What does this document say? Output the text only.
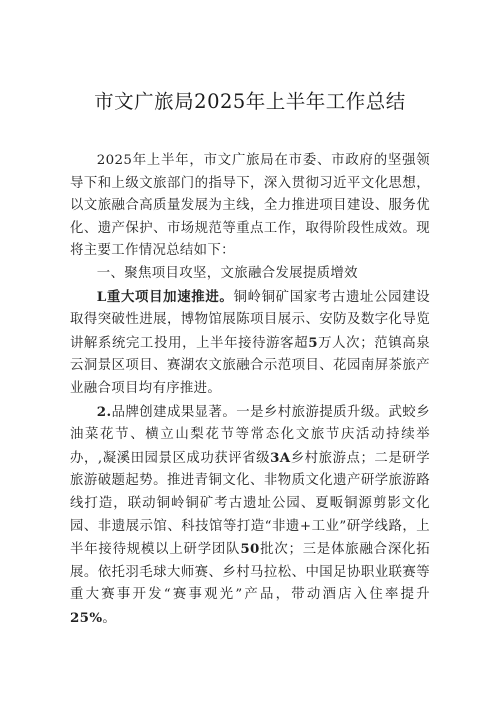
市文广旅局2025年上半年工作总结

2025年上半年，市文广旅局在市委、市政府的坚强领导下和上级文旅部门的指导下，深入贯彻习近平文化思想，以文旅融合高质量发展为主线，全力推进项目建设、服务优化、遗产保护、市场规范等重点工作，取得阶段性成效。现将主要工作情况总结如下：

一、聚焦项目攻坚，文旅融合发展提质增效

L重大项目加速推进。铜岭铜矿国家考古遗址公园建设取得突破性进展，博物馆展陈项目展示、安防及数字化导览讲解系统完工投用，上半年接待游客超5万人次；范镇高泉云洞景区项目、赛湖农文旅融合示范项目、花园南屏茶旅产业融合项目均有序推进。

2.品牌创建成果显著。一是乡村旅游提质升级。武蛟乡油菜花节、横立山梨花节等常态化文旅节庆活动持续举办，,凝溪田园景区成功获评省级3A乡村旅游点；二是研学旅游破题起势。推进青铜文化、非物质文化遗产研学旅游路线打造，联动铜岭铜矿考古遗址公园、夏畈铜源剪影文化园、非遗展示馆、科技馆等打造“非遗+工业”研学线路，上半年接待规模以上研学团队50批次；三是体旅融合深化拓展。依托羽毛球大师赛、乡村马拉松、中国足协职业联赛等重大赛事开发“赛事观光”产品，带动酒店入住率提升25%。
